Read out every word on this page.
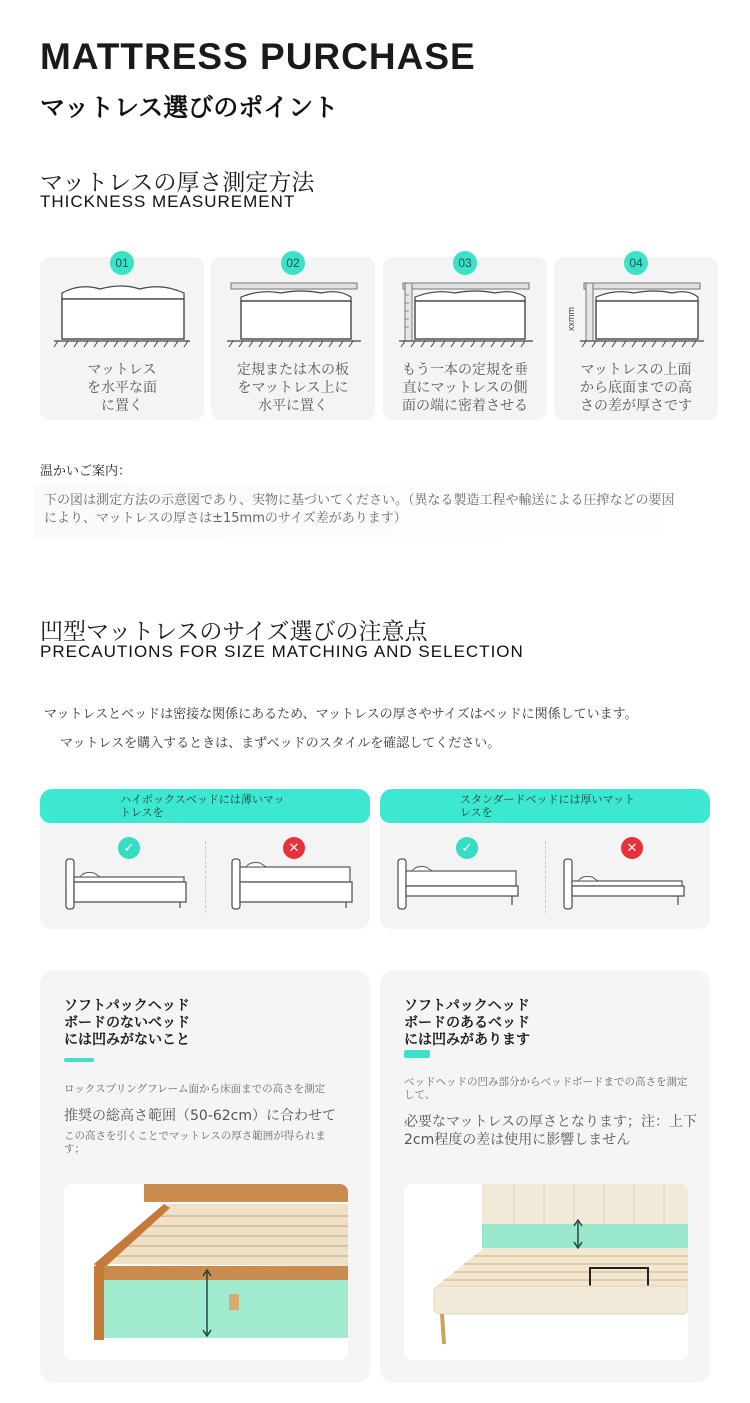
MATTRESS PURCHASE
マットレス選びのポイント
マットレスの厚さ測定方法
THICKNESS MEASUREMENT
01
マットレス
を水平な面
に置く
02
定規または木の板
をマットレス上に
水平に置く
03
もう一本の定規を垂
直にマットレスの側
面の端に密着させる
04
xxmm
マットレスの上面
から底面までの高
さの差が厚さです
温かいご案内：
下の図は測定方法の示意図であり、実物に基づいてください。（異なる製造工程や輸送による圧搾などの要因により、マットレスの厚さは±15mmのサイズ差があります）
凹型マットレスのサイズ選びの注意点
PRECAUTIONS FOR SIZE MATCHING AND SELECTION
マットレスとベッドは密接な関係にあるため、マットレスの厚さやサイズはベッドに関係しています。
マットレスを購入するときは、まずベッドのスタイルを確認してください。
ハイボックスベッドには薄いマットレスを
✓	✕
スタンダードベッドには厚いマットレスを
✓	✕
ソフトパックヘッド
ボードのないベッド
には凹みがないこと
ロックスプリングフレーム面から床面までの高さを測定
推奨の総高さ範囲（50-62cm）に合わせて
この高さを引くことでマットレスの厚さ範囲が得られます；
ソフトパックヘッド
ボードのあるベッド
には凹みがあります
ベッドヘッドの凹み部分からベッドボードまでの高さを測定して、
必要なマットレスの厚さとなります；注：上下2cm程度の差は使用に影響しません
